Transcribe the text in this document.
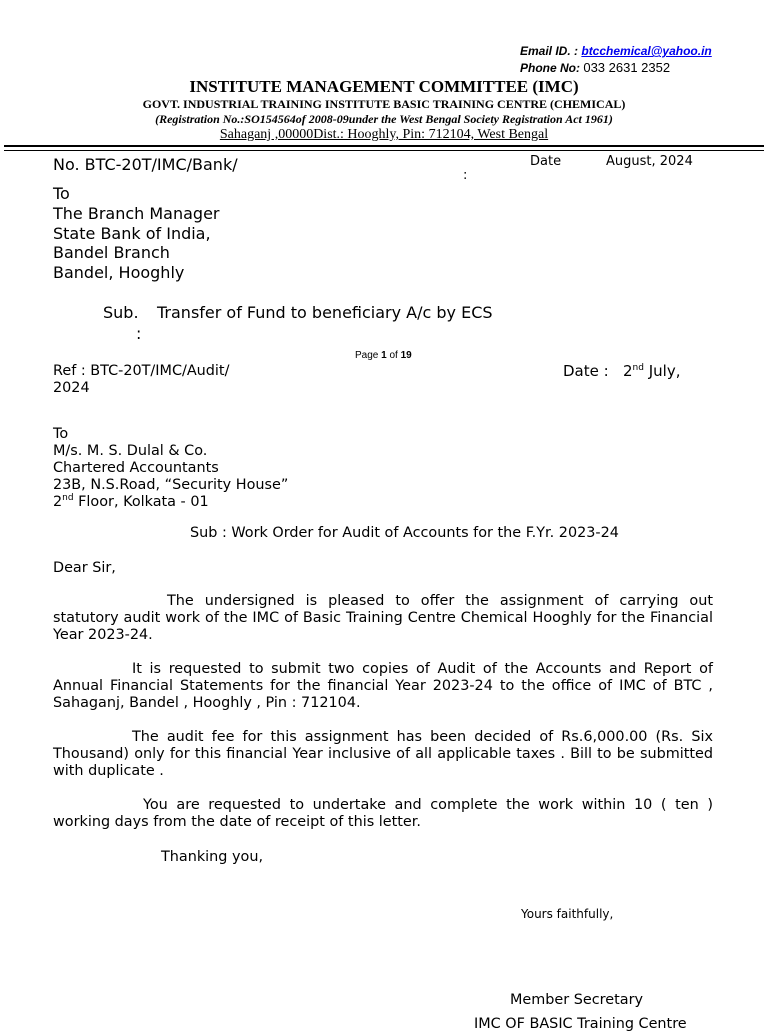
Email ID. : btcchemical@yahoo.in
Phone No: 033 2631 2352
INSTITUTE MANAGEMENT COMMITTEE (IMC)
GOVT. INDUSTRIAL TRAINING INSTITUTE BASIC TRAINING CENTRE (CHEMICAL)
(Registration No.:SO154564of 2008-09under the West Bengal Society Registration Act 1961)
Sahaganj ,00000Dist.: Hooghly, Pin: 712104, West Bengal
No. BTC-20T/IMC/Bank/	Date	August, 2024
:
To
The Branch Manager
State Bank of India,
Bandel Branch
Bandel, Hooghly
Sub. Transfer of Fund to beneficiary A/c by ECS
:
Page 1 of 19
Ref : BTC-20T/IMC/Audit/
2024
Date : 2nd July,
To
M/s. M. S. Dulal & Co.
Chartered Accountants
23B, N.S.Road, “Security House”
2nd Floor, Kolkata - 01
Sub : Work Order for Audit of Accounts for the F.Yr. 2023-24
Dear Sir,
The undersigned is pleased to offer the assignment of carrying out statutory audit work of the IMC of Basic Training Centre Chemical Hooghly for the Financial Year 2023-24.
It is requested to submit two copies of Audit of the Accounts and Report of Annual Financial Statements for the financial Year 2023-24 to the office of IMC of BTC , Sahaganj, Bandel , Hooghly , Pin : 712104.
The audit fee for this assignment has been decided of Rs.6,000.00 (Rs. Six Thousand) only for this financial Year inclusive of all applicable taxes . Bill to be submitted with duplicate .
You are requested to undertake and complete the work within 10 ( ten ) working days from the date of receipt of this letter.
Thanking you,
Yours faithfully,
Member Secretary
IMC OF BASIC Training Centre
